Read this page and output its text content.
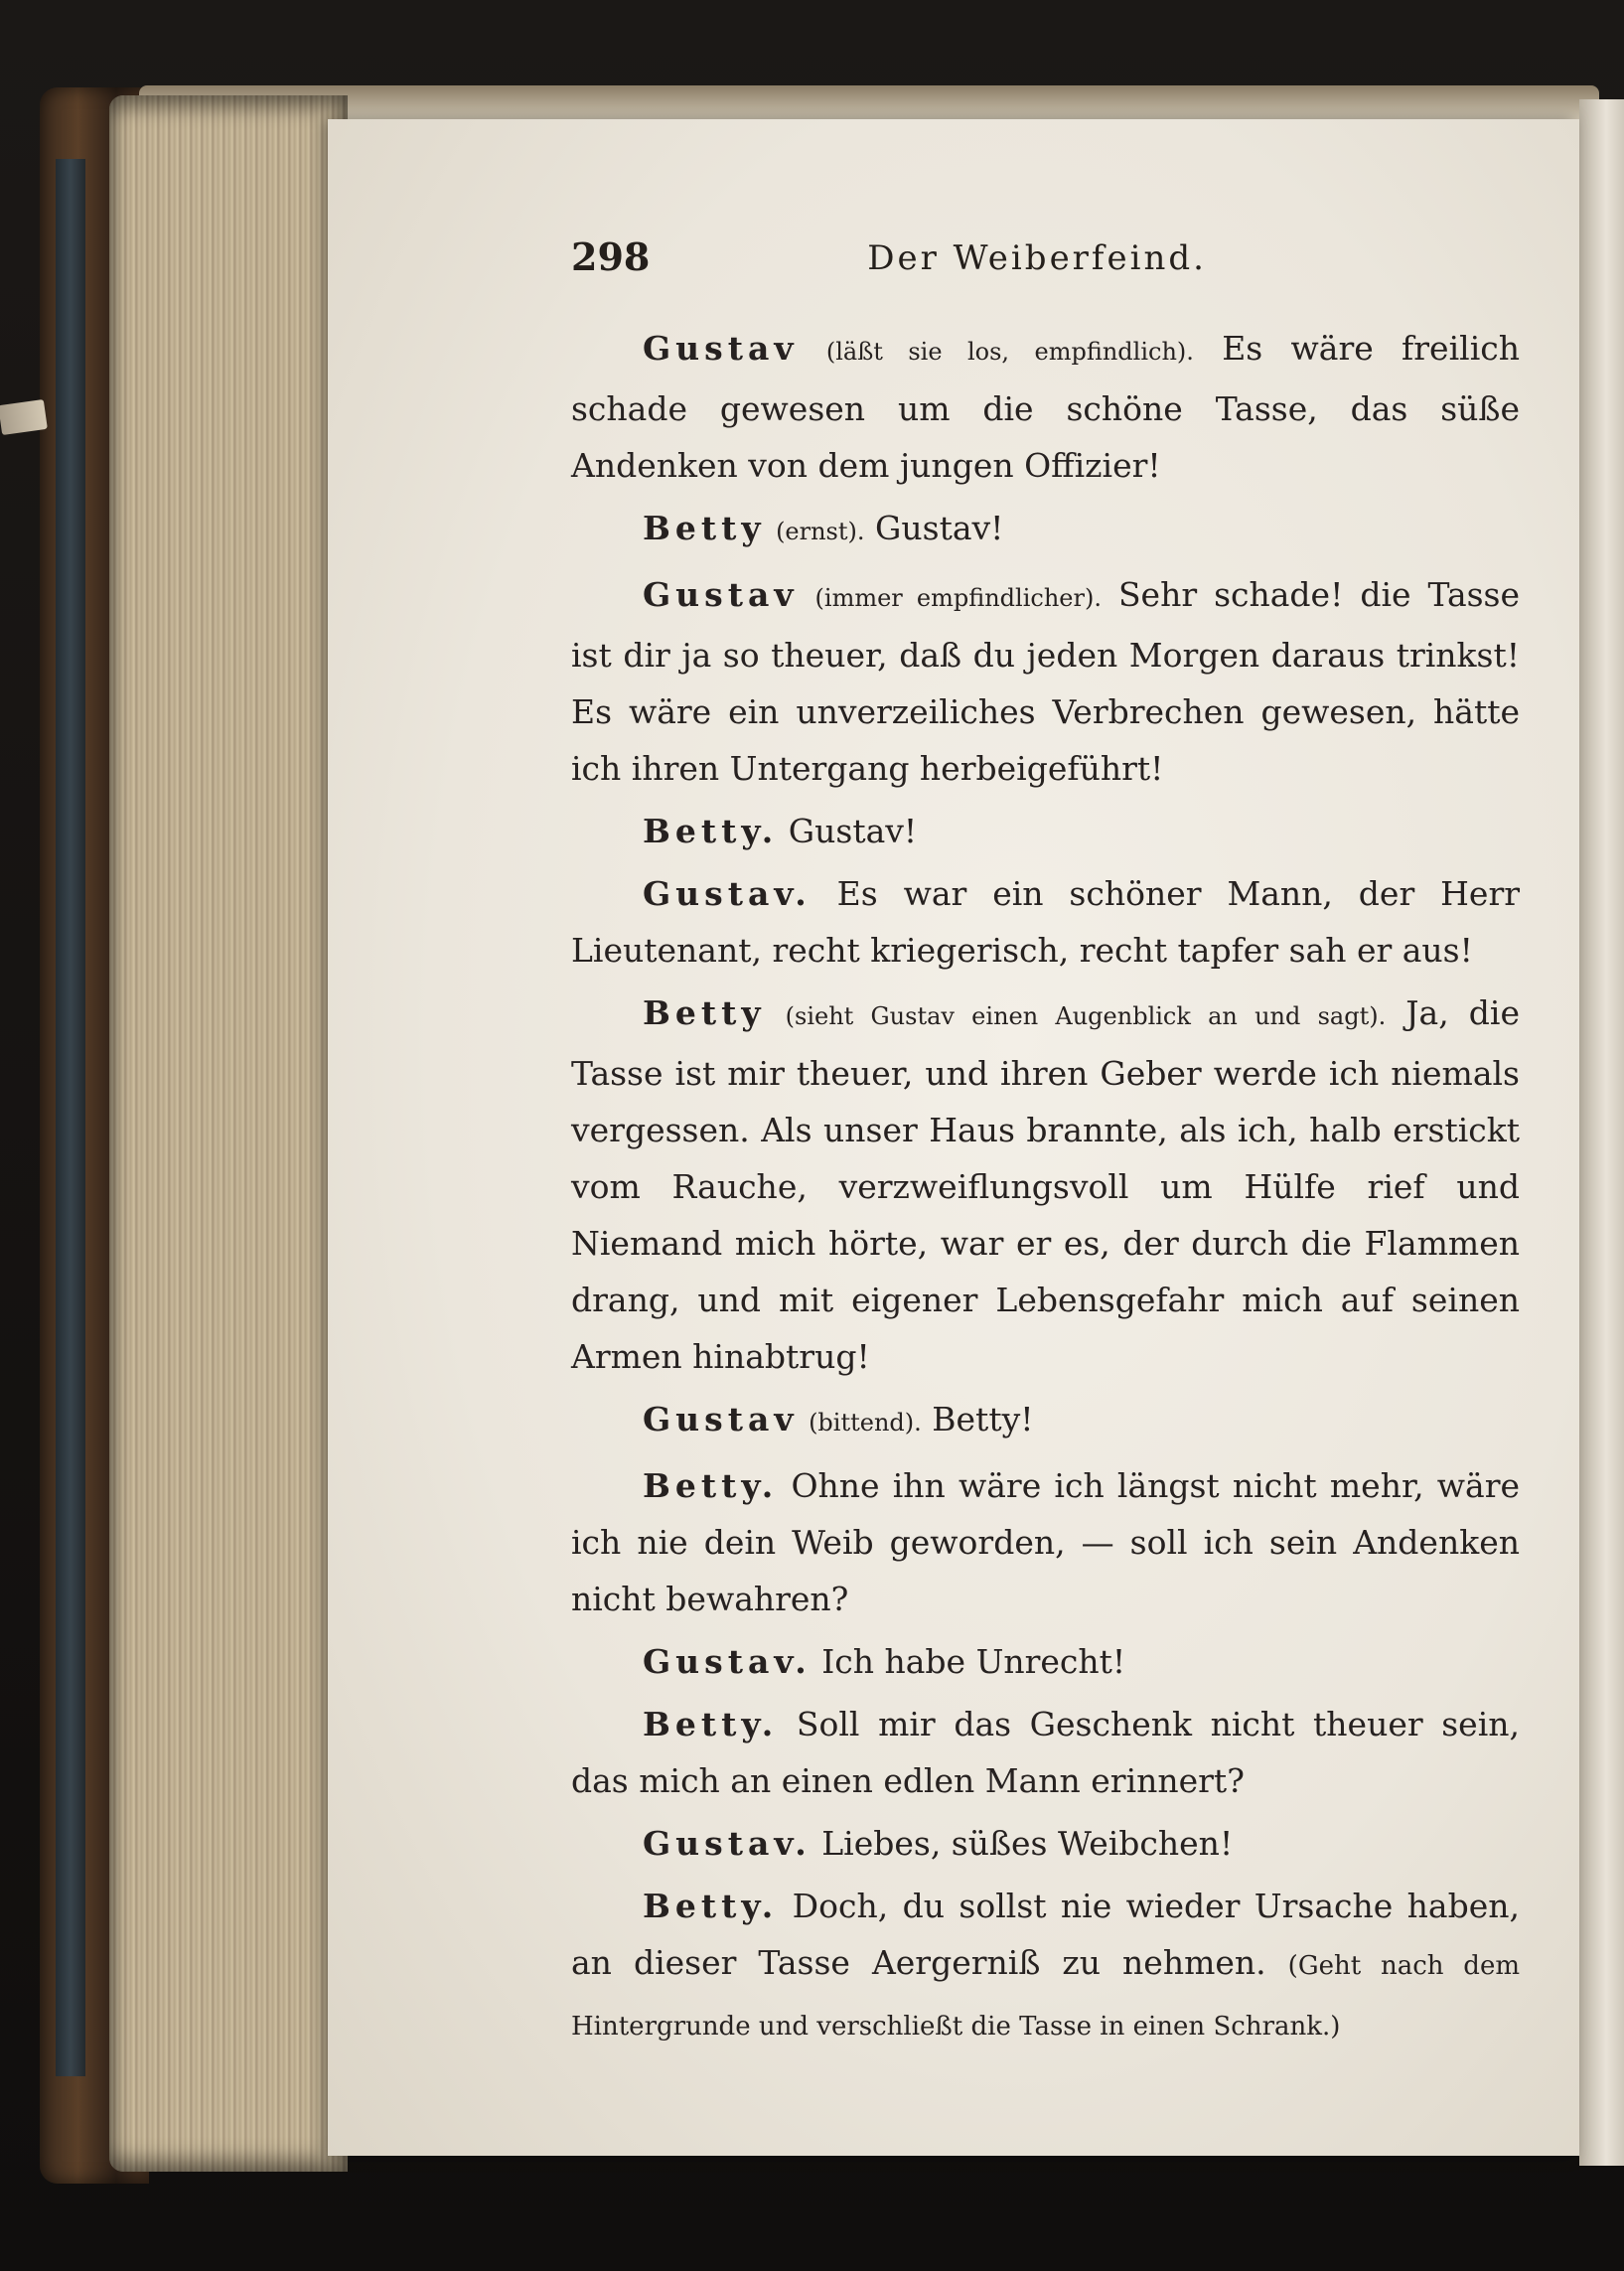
298	Der Weiberfeind.

Gustav (läßt sie los, empfindlich). Es wäre freilich schade gewesen um die schöne Tasse, das süße Andenken von dem jungen Offizier!

Betty (ernst). Gustav!

Gustav (immer empfindlicher). Sehr schade! die Tasse ist dir ja so theuer, daß du jeden Morgen daraus trinkst! Es wäre ein unverzeiliches Verbrechen gewesen, hätte ich ihren Untergang herbeigeführt!

Betty. Gustav!

Gustav. Es war ein schöner Mann, der Herr Lieutenant, recht kriegerisch, recht tapfer sah er aus!

Betty (sieht Gustav einen Augenblick an und sagt). Ja, die Tasse ist mir theuer, und ihren Geber werde ich niemals vergessen. Als unser Haus brannte, als ich, halb erstickt vom Rauche, verzweiflungsvoll um Hülfe rief und Niemand mich hörte, war er es, der durch die Flammen drang, und mit eigener Lebensgefahr mich auf seinen Armen hinabtrug!

Gustav (bittend). Betty!

Betty. Ohne ihn wäre ich längst nicht mehr, wäre ich nie dein Weib geworden, — soll ich sein Andenken nicht bewahren?

Gustav. Ich habe Unrecht!

Betty. Soll mir das Geschenk nicht theuer sein, das mich an einen edlen Mann erinnert?

Gustav. Liebes, süßes Weibchen!

Betty. Doch, du sollst nie wieder Ursache haben, an dieser Tasse Aergerniß zu nehmen. (Geht nach dem Hintergrunde und verschließt die Tasse in einen Schrank.)
